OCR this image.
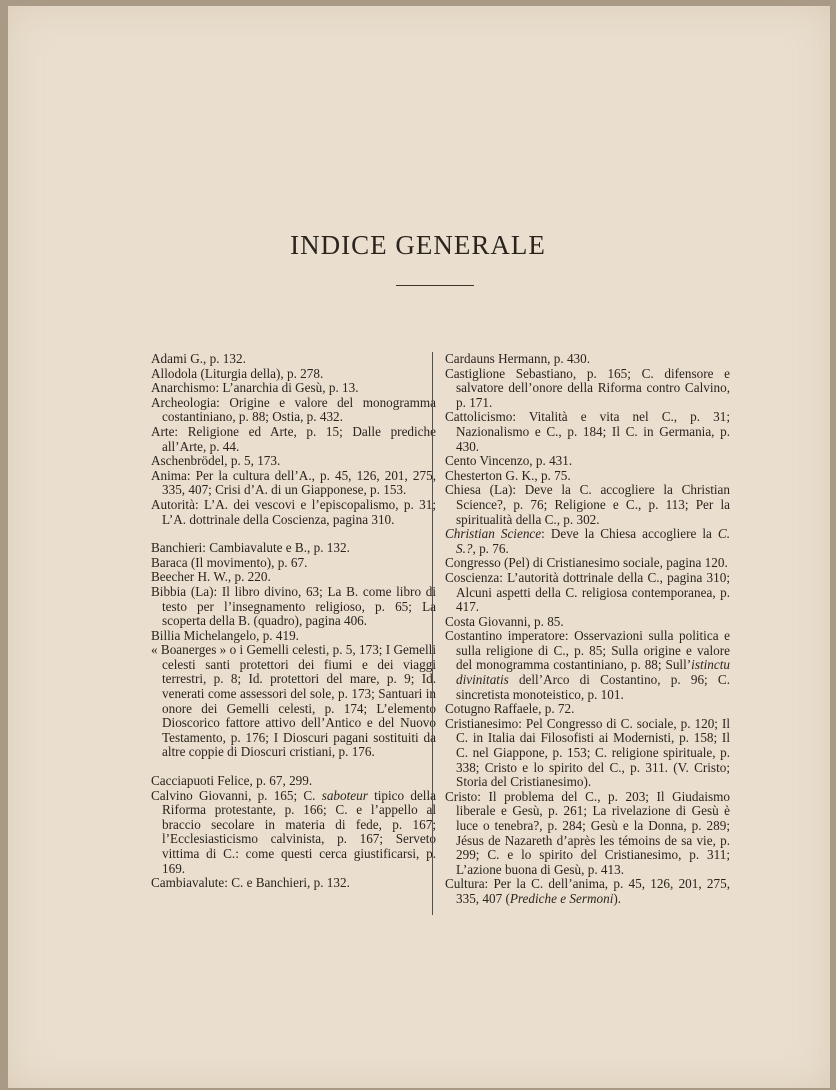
INDICE GENERALE

Adami G., p. 132.

Allodola (Liturgia della), p. 278.

Anarchismo: L’anarchia di Gesù, p. 13.

Archeologia: Origine e valore del monogramma costantiniano, p. 88; Ostia, p. 432.

Arte: Religione ed Arte, p. 15; Dalle prediche all’Arte, p. 44.

Aschenbrödel, p. 5, 173.

Anima: Per la cultura dell’A., p. 45, 126, 201, 275, 335, 407; Crisi d’A. di un Giapponese, p. 153.

Autorità: L’A. dei vescovi e l’episcopalismo, p. 31; L’A. dottrinale della Coscienza, pagina 310.

Banchieri: Cambiavalute e B., p. 132.

Baraca (Il movimento), p. 67.

Beecher H. W., p. 220.

Bibbia (La): Il libro divino, 63; La B. come libro di testo per l’insegnamento religioso, p. 65; La scoperta della B. (quadro), pagina 406.

Billia Michelangelo, p. 419.

« Boanerges » o i Gemelli celesti, p. 5, 173; I Gemelli celesti santi protettori dei fiumi e dei viaggi terrestri, p. 8; Id. protettori del mare, p. 9; Id. venerati come assessori del sole, p. 173; Santuari in onore dei Gemelli celesti, p. 174; L’elemento Dioscorico fattore attivo dell’Antico e del Nuovo Testamento, p. 176; I Dioscuri pagani sostituiti da altre coppie di Dioscuri cristiani, p. 176.

Cacciapuoti Felice, p. 67, 299.

Calvino Giovanni, p. 165; C. saboteur tipico della Riforma protestante, p. 166; C. e l’appello al braccio secolare in materia di fede, p. 167; l’Ecclesiasticismo calvinista, p. 167; Serveto vittima di C.: come questi cerca giustificarsi, p. 169.

Cambiavalute: C. e Banchieri, p. 132.

Cardauns Hermann, p. 430.

Castiglione Sebastiano, p. 165; C. difensore e salvatore dell’onore della Riforma contro Calvino, p. 171.

Cattolicismo: Vitalità e vita nel C., p. 31; Nazionalismo e C., p. 184; Il C. in Germania, p. 430.

Cento Vincenzo, p. 431.

Chesterton G. K., p. 75.

Chiesa (La): Deve la C. accogliere la Christian Science?, p. 76; Religione e C., p. 113; Per la spiritualità della C., p. 302.

Christian Science: Deve la Chiesa accogliere la C. S.?, p. 76.

Congresso (Pel) di Cristianesimo sociale, pagina 120.

Coscienza: L’autorità dottrinale della C., pagina 310; Alcuni aspetti della C. religiosa contemporanea, p. 417.

Costa Giovanni, p. 85.

Costantino imperatore: Osservazioni sulla politica e sulla religione di C., p. 85; Sulla origine e valore del monogramma costantiniano, p. 88; Sull’istinctu divinitatis dell’Arco di Costantino, p. 96; C. sincretista monoteistico, p. 101.

Cotugno Raffaele, p. 72.

Cristianesimo: Pel Congresso di C. sociale, p. 120; Il C. in Italia dai Filosofisti ai Modernisti, p. 158; Il C. nel Giappone, p. 153; C. religione spirituale, p. 338; Cristo e lo spirito del C., p. 311. (V. Cristo; Storia del Cristianesimo).

Cristo: Il problema del C., p. 203; Il Giudaismo liberale e Gesù, p. 261; La rivelazione di Gesù è luce o tenebra?, p. 284; Gesù e la Donna, p. 289; Jésus de Nazareth d’après les témoins de sa vie, p. 299; C. e lo spirito del Cristianesimo, p. 311; L’azione buona di Gesù, p. 413.

Cultura: Per la C. dell’anima, p. 45, 126, 201, 275, 335, 407 (Prediche e Sermoni).
